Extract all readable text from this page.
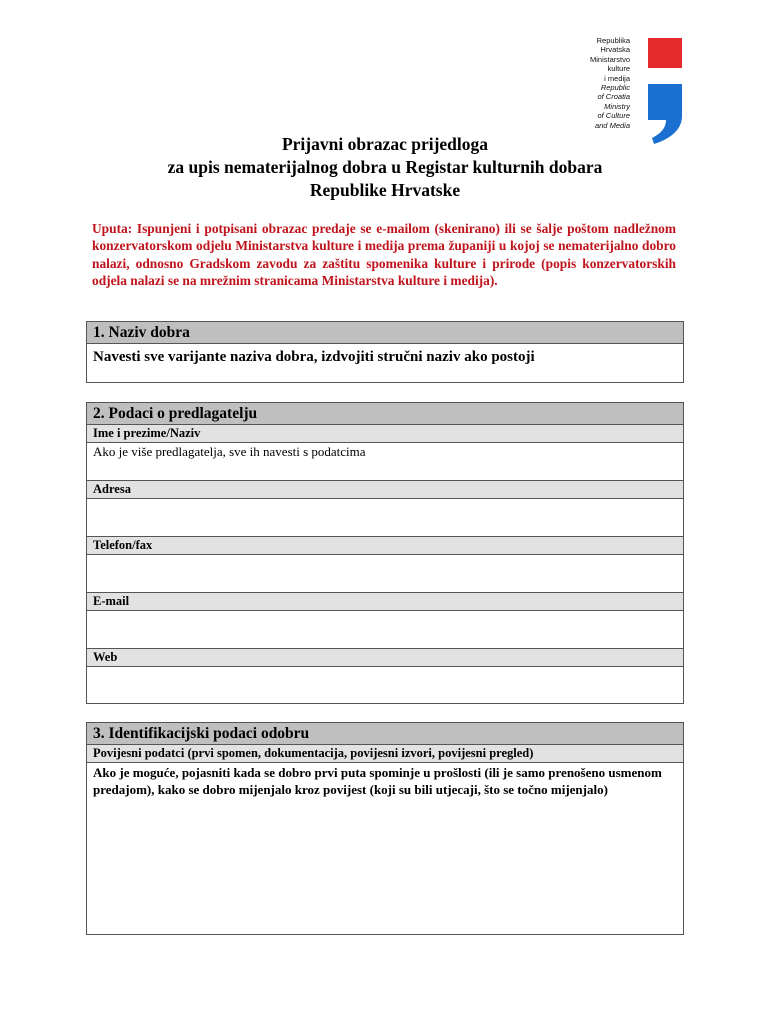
Republika
Hrvatska
Ministarstvo
kulture
i medija
Republic
of Croatia
Ministry
of Culture
and Media
Prijavni obrazac prijedloga
za upis nematerijalnog dobra u Registar kulturnih dobara
Republike Hrvatske
Uputa: Ispunjeni i potpisani obrazac predaje se e-mailom (skenirano) ili se šalje poštom nadležnom konzervatorskom odjelu Ministarstva kulture i medija prema županiji u kojoj se nematerijalno dobro nalazi, odnosno Gradskom zavodu za zaštitu spomenika kulture i prirode (popis konzervatorskih odjela nalazi se na mrežnim stranicama Ministarstva kulture i medija).
1. Naziv dobra
Navesti sve varijante naziva dobra, izdvojiti stručni naziv ako postoji
2. Podaci o predlagatelju
Ime i prezime/Naziv
Ako je više predlagatelja, sve ih navesti s podatcima
Adresa
Telefon/fax
E-mail
Web
3. Identifikacijski podaci odobru
Povijesni podatci (prvi spomen, dokumentacija, povijesni izvori, povijesni pregled)
Ako je moguće, pojasniti kada se dobro prvi puta spominje u prošlosti (ili je samo prenošeno usmenom predajom), kako se dobro mijenjalo kroz povijest (koji su bili utjecaji, što se točno mijenjalo)
